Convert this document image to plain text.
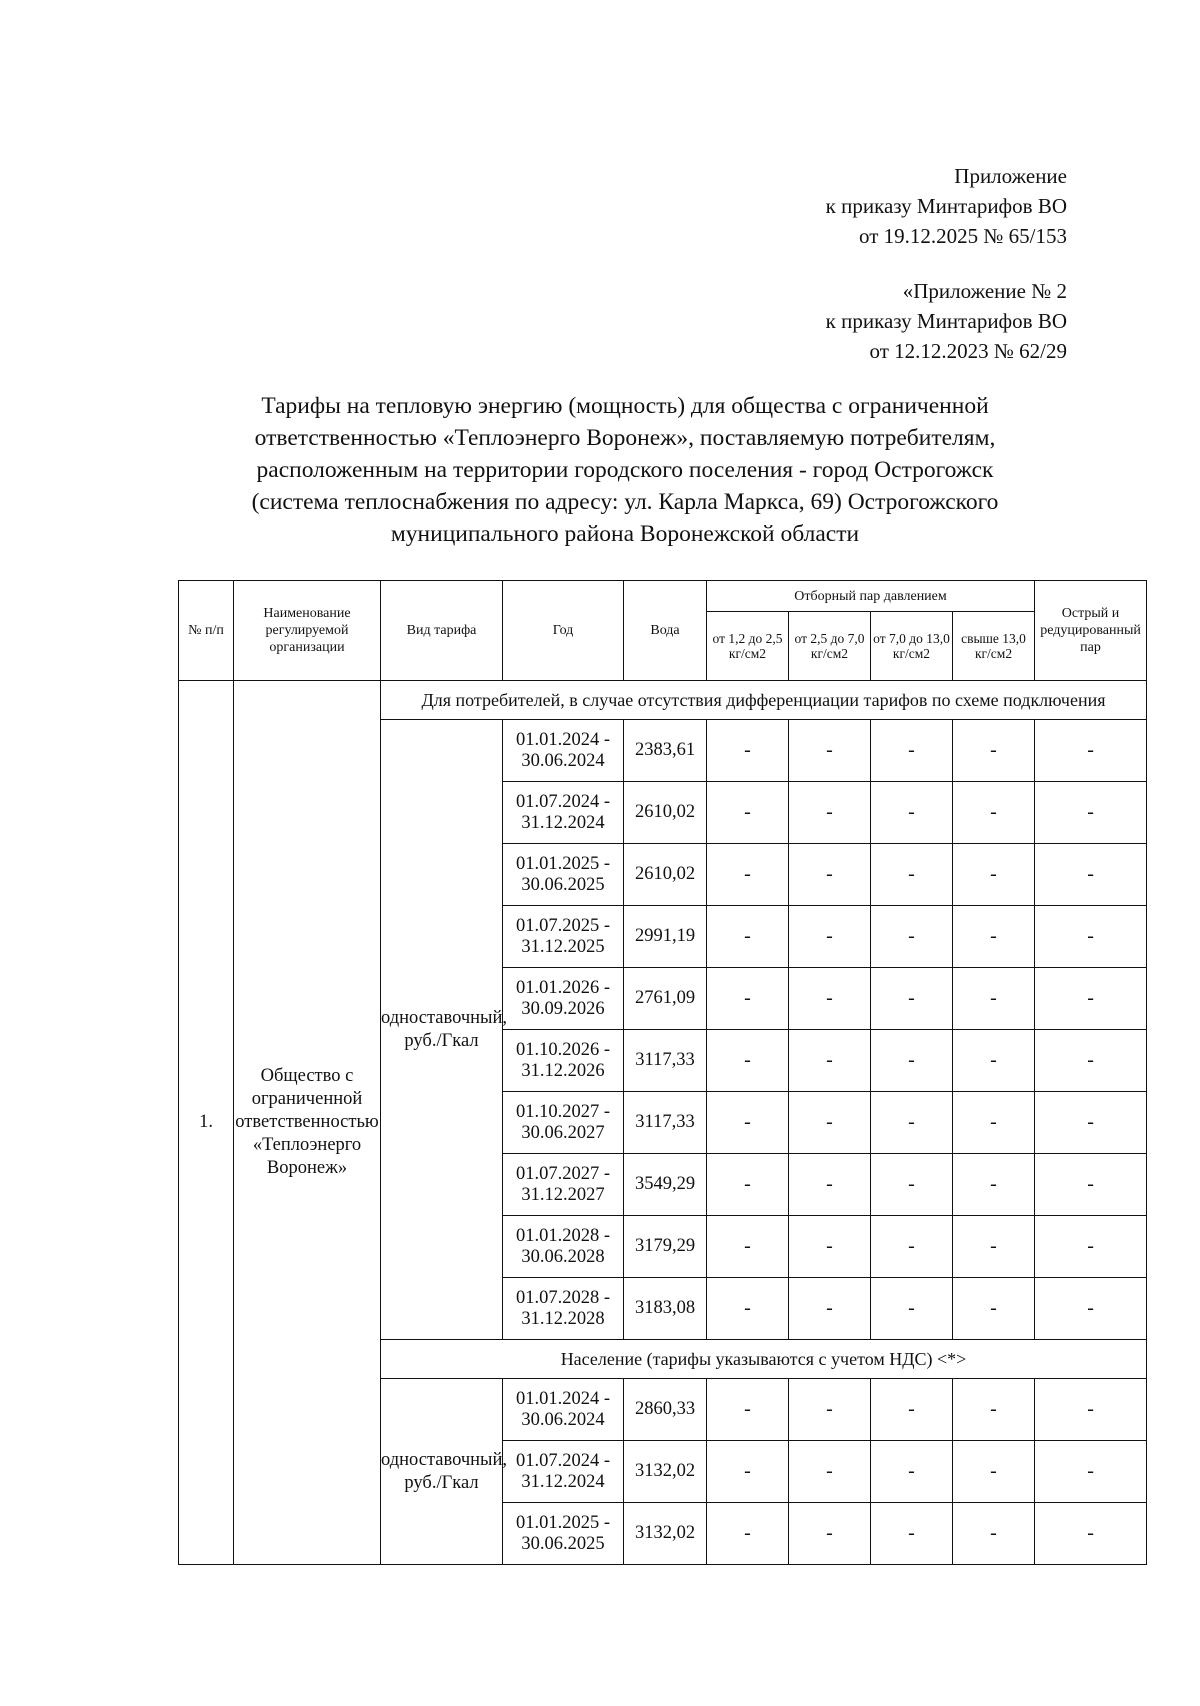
Приложение
к приказу Минтарифов ВО
от 19.12.2025 № 65/153
«Приложение № 2
к приказу Минтарифов ВО
от 12.12.2023 № 62/29
Тарифы на тепловую энергию (мощность) для общества с ограниченной
ответственностью «Теплоэнерго Воронеж», поставляемую потребителям,
расположенным на территории городского поселения - город Острогожск
(система теплоснабжения по адресу: ул. Карла Маркса, 69) Острогожского
муниципального района Воронежской области
№ п/п	Наименование регулируемой организации	Вид тарифа	Год	Вода	Отборный пар давлением				Острый и редуцированный пар
					от 1,2 до 2,5 кг/см2	от 2,5 до 7,0 кг/см2	от 7,0 до 13,0 кг/см2	свыше 13,0 кг/см2	
1.	Общество с ограниченной ответственностью «Теплоэнерго Воронеж»	Для потребителей, в случае отсутствия дифференциации тарифов по схеме подключения							
		одноставочный, руб./Гкал	01.01.2024 - 30.06.2024	2383,61	-	-	-	-	-
			01.07.2024 - 31.12.2024	2610,02	-	-	-	-	-
			01.01.2025 - 30.06.2025	2610,02	-	-	-	-	-
			01.07.2025 - 31.12.2025	2991,19	-	-	-	-	-
			01.01.2026 - 30.09.2026	2761,09	-	-	-	-	-
			01.10.2026 - 31.12.2026	3117,33	-	-	-	-	-
			01.10.2027 - 30.06.2027	3117,33	-	-	-	-	-
			01.07.2027 - 31.12.2027	3549,29	-	-	-	-	-
			01.01.2028 - 30.06.2028	3179,29	-	-	-	-	-
			01.07.2028 - 31.12.2028	3183,08	-	-	-	-	-
		Население (тарифы указываются с учетом НДС) <*>							
		одноставочный, руб./Гкал	01.01.2024 - 30.06.2024	2860,33	-	-	-	-	-
			01.07.2024 - 31.12.2024	3132,02	-	-	-	-	-
			01.01.2025 - 30.06.2025	3132,02	-	-	-	-	-
